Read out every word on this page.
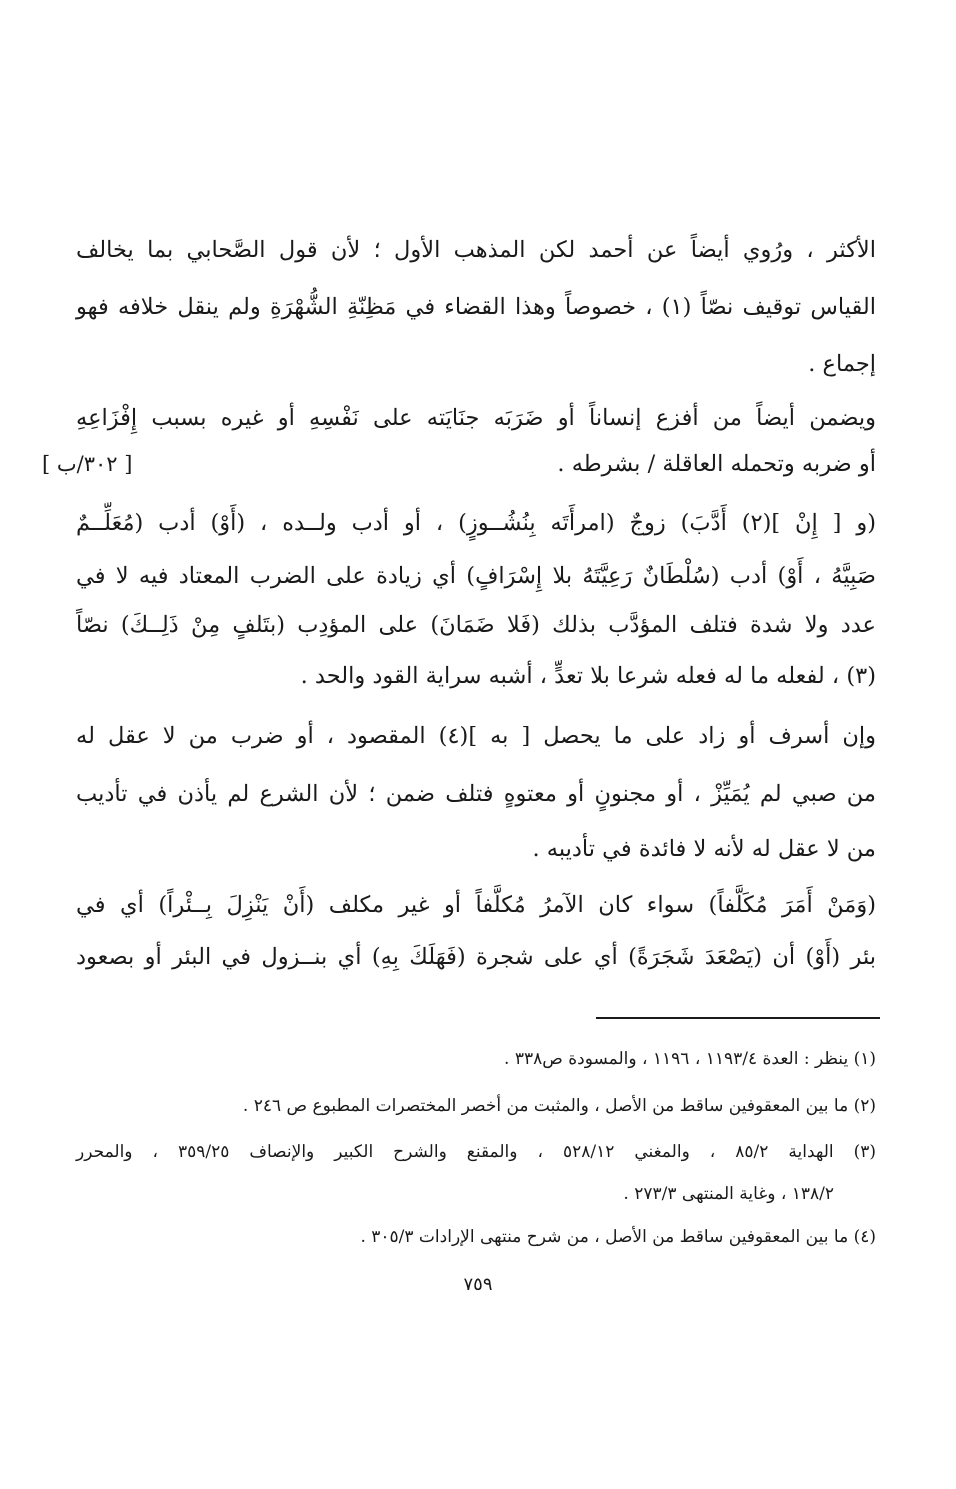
الأكثر ، ورُوي أيضاً عن أحمد لكن المذهب الأول ؛ لأن قول الصَّحابي بما يخالف
القياس توقيف نصّاً (١) ، خصوصاً وهذا القضاء في مَظِنّةِ الشُّهْرَةِ ولم ينقل خلافه فهو
إجماع .
ويضمن أيضاً من أفزع إنساناً أو ضَرَبَه جنَايَته على نَفْسِهِ أو غيره بسبب إِفْزَاعِهِ
أو ضربه وتحمله العاقلة / بشرطه .
[ ٣٠٢/ب ]
(و [ إِنْ ](٢) أَدَّبَ) زوجٌ (امرأَتَه بِنُشُــوزٍ) ، أو أدب ولــده ، (أَوْ) أدب (مُعَلِّــمٌ
صَبِيَّهُ ، أَوْ) أدب (سُلْطَانٌ رَعِيَّتَهُ بلا إِسْرَافٍ) أي زيادة على الضرب المعتاد فيه لا في
عدد ولا شدة فتلف المؤدَّب بذلك (فَلا ضَمَانَ) على المؤدِب (بتَلفٍ مِنْ ذَلِــكَ) نصّاً
(٣) ، لفعله ما له فعله شرعا بلا تعدٍّ ، أشبه سراية القود والحد .
وإن أسرف أو زاد على ما يحصل [ به ](٤) المقصود ، أو ضرب من لا عقل له
من صبي لم يُمَيِّزْ ، أو مجنونٍ أو معتوهٍ فتلف ضمن ؛ لأن الشرع لم يأذن في تأديب
من لا عقل له لأنه لا فائدة في تأديبه .
(وَمَنْ أَمَرَ مُكَلَّفاً) سواء كان الآمرُ مُكلَّفاً أو غير مكلف (أَنْ يَنْزِلَ بِــئْراً) أي في
بئر (أَوْ) أن (يَصْعَدَ شَجَرَةً) أي على شجرة (فَهَلَكَ بِهِ) أي بنــزول في البئر أو بصعود
(١) ينظر : العدة ١١٩٣/٤ ، ١١٩٦ ، والمسودة ص٣٣٨ .
(٢) ما بين المعقوفين ساقط من الأصل ، والمثبت من أخصر المختصرات المطبوع ص ٢٤٦ .
(٣) الهداية ٨٥/٢ ، والمغني ٥٢٨/١٢ ، والمقنع والشرح الكبير والإنصاف ٣٥٩/٢٥ ، والمحرر
١٣٨/٢ ، وغاية المنتهى ٢٧٣/٣ .
(٤) ما بين المعقوفين ساقط من الأصل ، من شرح منتهى الإرادات ٣٠٥/٣ .
٧٥٩
